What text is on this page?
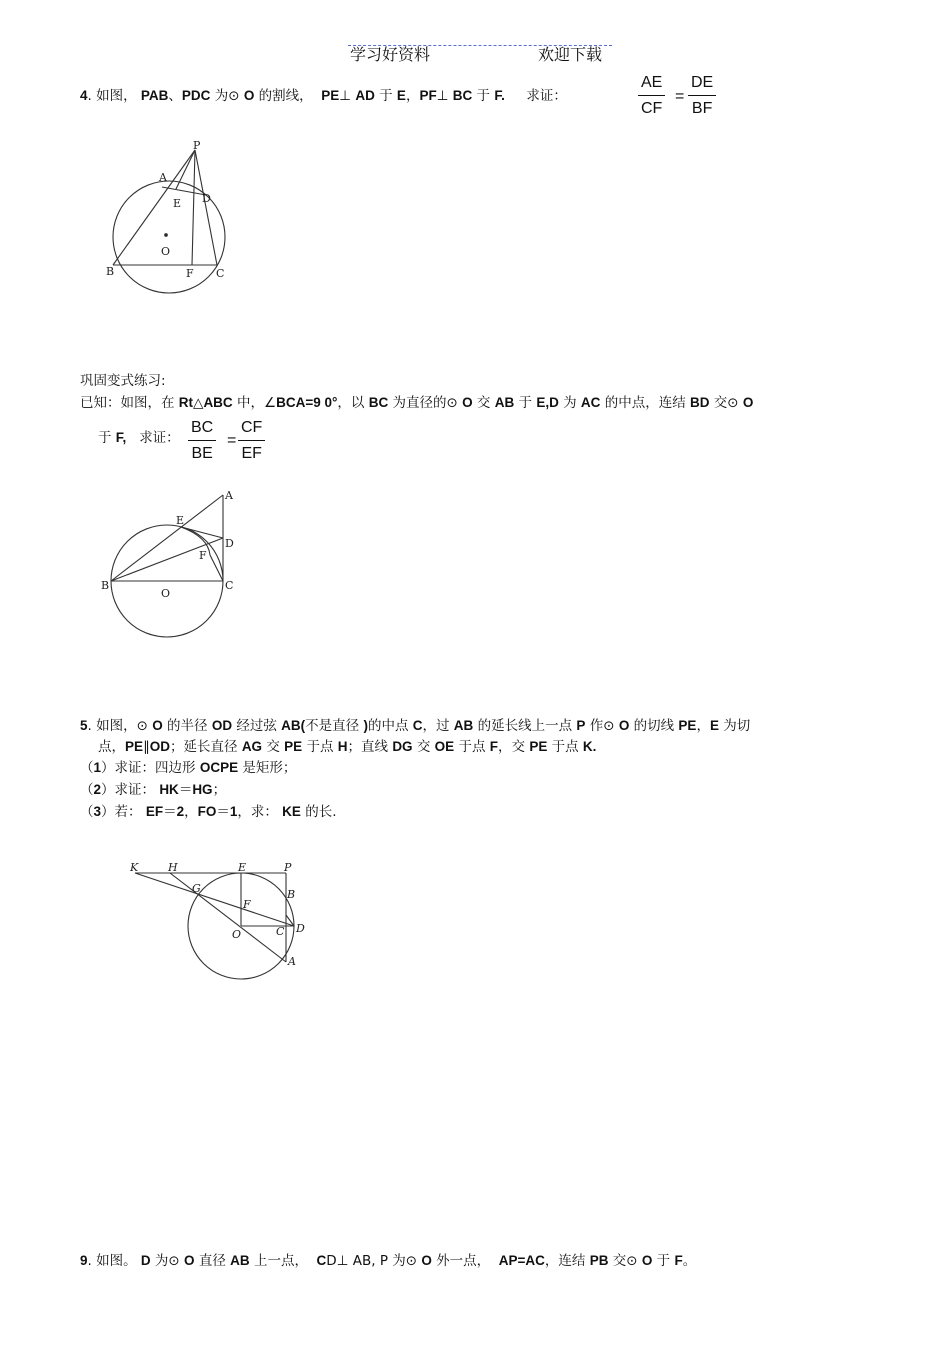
学习好资料	欢迎下载
4. 如图， PAB、PDC 为⊙ O 的割线， PE⊥ AD 于 E，PF⊥ BC 于 F. 求证：	$\frac{AE}{CF} = \frac{DE}{BF}$
P
A
E D
O
B	F C
巩固变式练习:
已知：如图，在 Rt△ABC 中，∠BCA=9 0°，以 BC 为直径的⊙ O 交 AB 于 E,D 为 AC 的中点，连结 BD 交⊙ O
于 F, 求证： $\frac{BC}{BE} = \frac{CF}{EF}$
A
E
D
F
B
O
C
5. 如图，⊙ O 的半径 OD 经过弦 AB(不是直径 )的中点 C，过 AB 的延长线上一点 P 作⊙ O 的切线 PE，E 为切
点，PE∥OD；延长直径 AG 交 PE 于点 H；直线 DG 交 OE 于点 F，交 PE 于点 K.
（1）求证：四边形 OCPE 是矩形；
（2）求证： HK＝HG；
（3）若： EF＝2，FO＝1，求： KE 的长.
K	H	E	P
G	B
F
O	C D
A
9. 如图。 D 为⊙ O 直径 AB 上一点，  CD⊥ AB, P 为⊙ O 外一点，  AP=AC，连结 PB 交⊙ O 于 F。
